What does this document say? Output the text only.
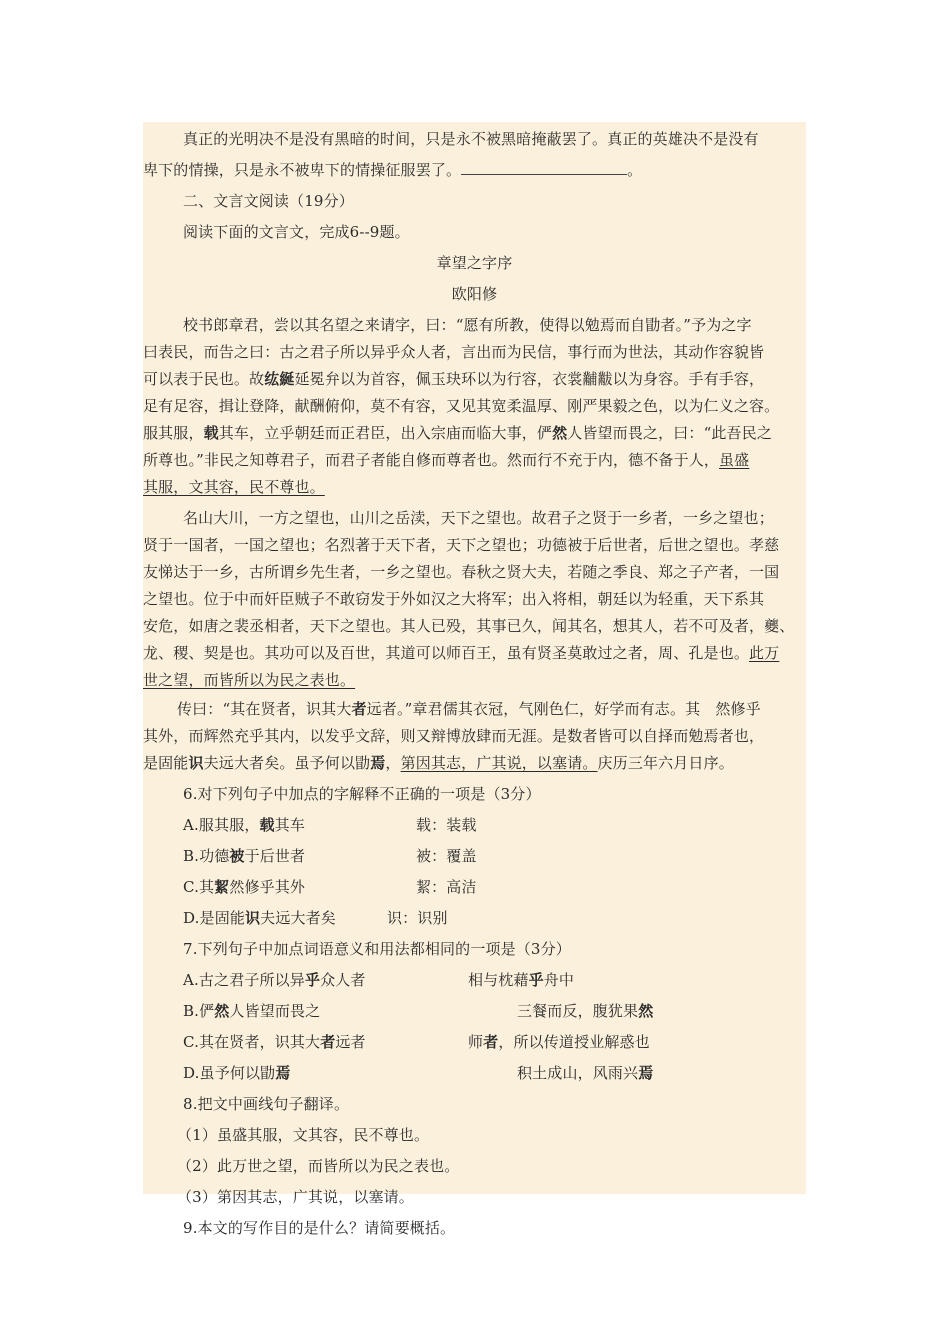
真正的光明决不是没有黑暗的时间，只是永不被黑暗掩蔽罢了。真正的英雄决不是没有
卑下的情操，只是永不被卑下的情操征服罢了。	。
二、文言文阅读（19分）
阅读下面的文言文，完成6--9题。
章望之字序
欧阳修
校书郎章君，尝以其名望之来请字，曰：“愿有所教，使得以勉焉而自勖者。”予为之字
曰表民，而告之曰：古之君子所以异乎众人者，言出而为民信，事行而为世法，其动作容貌皆
可以表于民也。故纮綖延冕弁以为首容，佩玉玦环以为行容，衣裳黼黻以为身容。手有手容，
足有足容，揖让登降，献酬俯仰，莫不有容，又见其宽柔温厚、刚严果毅之色，以为仁义之容。
服其服，载其车，立乎朝廷而正君臣，出入宗庙而临大事，俨然人皆望而畏之，曰：“此吾民之
所尊也。”非民之知尊君子，而君子者能自修而尊者也。然而行不充于内，德不备于人，虽盛
其服，文其容，民不尊也。
名山大川，一方之望也，山川之岳渎，天下之望也。故君子之贤于一乡者，一乡之望也；
贤于一国者，一国之望也；名烈著于天下者，天下之望也；功德被于后世者，后世之望也。孝慈
友悌达于一乡，古所谓乡先生者，一乡之望也。春秋之贤大夫，若随之季良、郑之子产者，一国
之望也。位于中而奸臣贼子不敢窃发于外如汉之大将军；出入将相，朝廷以为轻重，天下系其
安危，如唐之裴丞相者，天下之望也。其人已殁，其事已久，闻其名，想其人，若不可及者，夔、
龙、稷、契是也。其功可以及百世，其道可以师百王，虽有贤圣莫敢过之者，周、孔是也。此万
世之望，而皆所以为民之表也。
传曰：“其在贤者，识其大者远者。”章君儒其衣冠，气刚色仁，好学而有志。其　然修乎
其外，而辉然充乎其内，以发乎文辞，则又辩博放肆而无涯。是数者皆可以自择而勉焉者也，
是固能识夫远大者矣。虽予何以勖焉，第因其志，广其说，以塞请。庆历三年六月日序。
6.对下列句子中加点的字解释不正确的一项是（3分）
A.服其服，载其车	载：装载
B.功德被于后世者	被：覆盖
C.其絜然修乎其外	絜：高洁
D.是固能识夫远大者矣	识：识别
7.下列句子中加点词语意义和用法都相同的一项是（3分）
A.古之君子所以异乎众人者	相与枕藉乎舟中
B.俨然人皆望而畏之	三餐而反，腹犹果然
C.其在贤者，识其大者远者	师者，所以传道授业解惑也
D.虽予何以勖焉	积土成山，风雨兴焉
8.把文中画线句子翻译。
（1）虽盛其服，文其容，民不尊也。
（2）此万世之望，而皆所以为民之表也。
（3）第因其志，广其说，以塞请。
9.本文的写作目的是什么？请简要概括。
